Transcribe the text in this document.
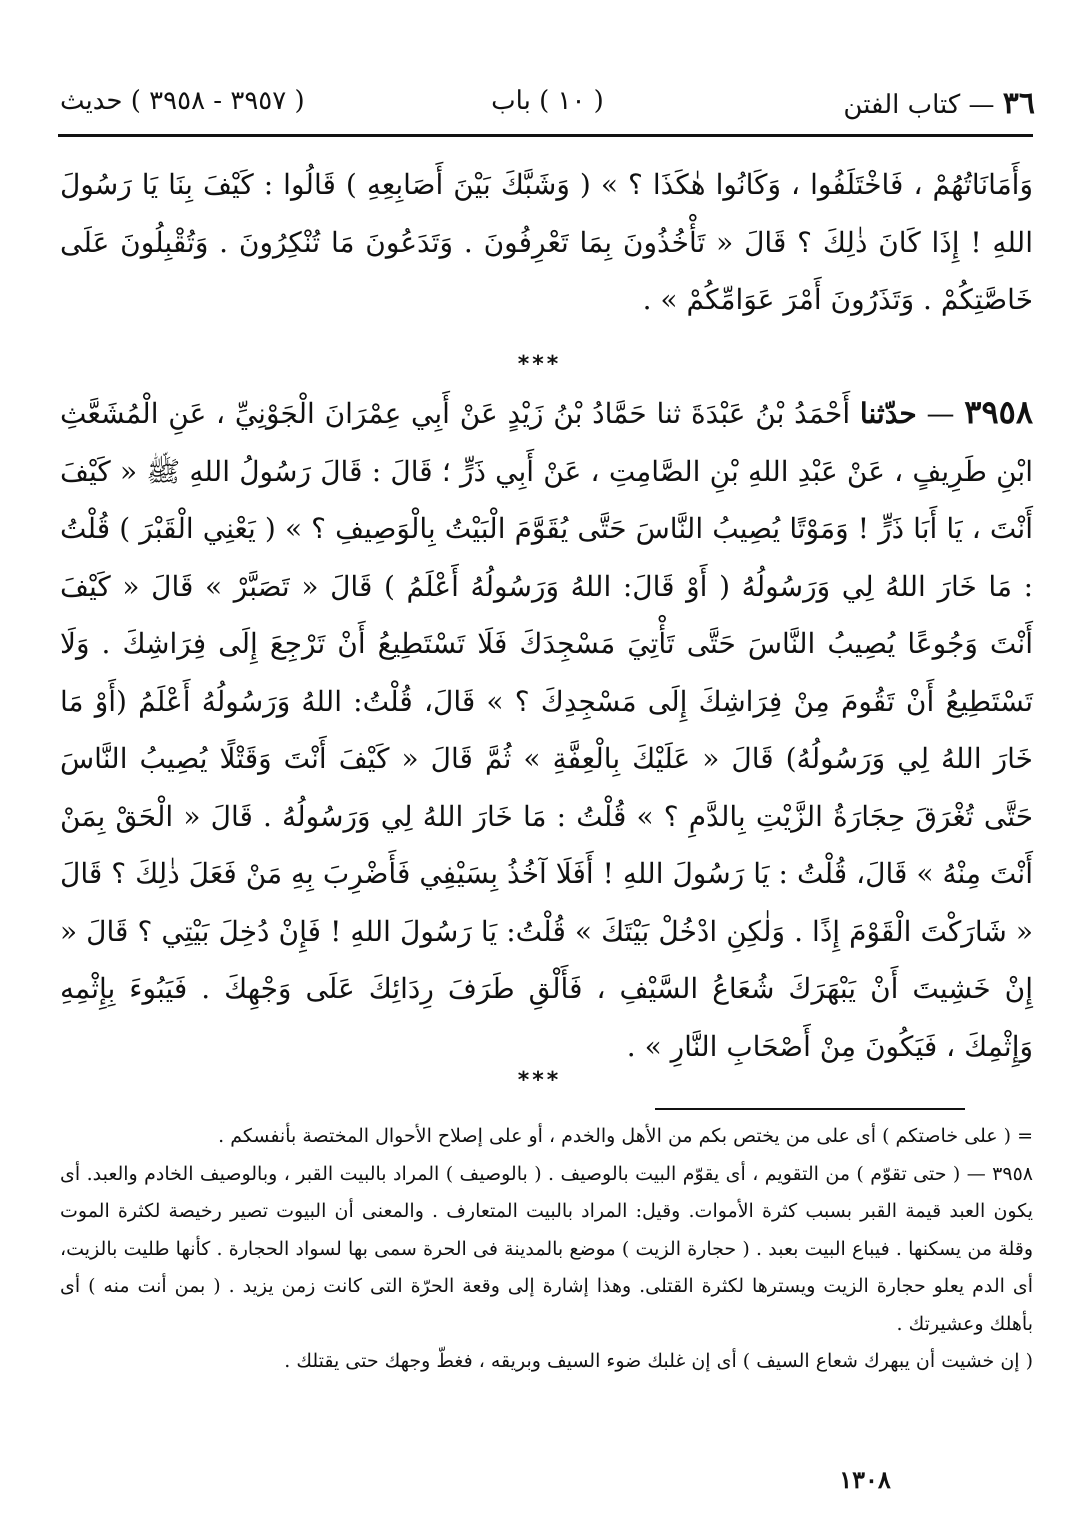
٣٦ — كتاب الفتن
( ١٠ ) باب
( ٣٩٥٧ - ٣٩٥٨ ) حديث
وَأَمَانَاتُهُمْ ، فَاخْتَلَفُوا ، وَكَانُوا هٰكَذَا ؟ » ( وَشَبَّكَ بَيْنَ أَصَابِعِهِ ) قَالُوا : كَيْفَ بِنَا يَا رَسُولَ اللهِ ! إِذَا كَانَ ذٰلِكَ ؟ قَالَ « تَأْخُذُونَ بِمَا تَعْرِفُونَ . وَتَدَعُونَ مَا تُنْكِرُونَ . وَتُقْبِلُونَ عَلَى خَاصَّتِكُمْ . وَتَذَرُونَ أَمْرَ عَوَامِّكُمْ » .
***
٣٩٥٨ — حدّثنا أَحْمَدُ بْنُ عَبْدَةَ ثنا حَمَّادُ بْنُ زَيْدٍ عَنْ أَبِي عِمْرَانَ الْجَوْنِيِّ ، عَنِ الْمُشَعَّثِ ابْنِ طَرِيفٍ ، عَنْ عَبْدِ اللهِ بْنِ الصَّامِتِ ، عَنْ أَبِي ذَرٍّ ؛ قَالَ : قَالَ رَسُولُ اللهِ ﷺ « كَيْفَ أَنْتَ ، يَا أَبَا ذَرٍّ ! وَمَوْتًا يُصِيبُ النَّاسَ حَتَّى يُقَوَّمَ الْبَيْتُ بِالْوَصِيفِ ؟ » ( يَعْنِي الْقَبْرَ ) قُلْتُ : مَا خَارَ اللهُ لِي وَرَسُولُهُ ( أَوْ قَالَ: اللهُ وَرَسُولُهُ أَعْلَمُ ) قَالَ « تَصَبَّرْ » قَالَ « كَيْفَ أَنْتَ وَجُوعًا يُصِيبُ النَّاسَ حَتَّى تَأْتِيَ مَسْجِدَكَ فَلَا تَسْتَطِيعُ أَنْ تَرْجِعَ إِلَى فِرَاشِكَ . وَلَا تَسْتَطِيعُ أَنْ تَقُومَ مِنْ فِرَاشِكَ إِلَى مَسْجِدِكَ ؟ » قَالَ، قُلْتُ: اللهُ وَرَسُولُهُ أَعْلَمُ (أَوْ مَا خَارَ اللهُ لِي وَرَسُولُهُ) قَالَ « عَلَيْكَ بِالْعِفَّةِ » ثُمَّ قَالَ « كَيْفَ أَنْتَ وَقَتْلًا يُصِيبُ النَّاسَ حَتَّى تُغْرَقَ حِجَارَةُ الزَّيْتِ بِالدَّمِ ؟ » قُلْتُ : مَا خَارَ اللهُ لِي وَرَسُولُهُ . قَالَ « الْحَقْ بِمَنْ أَنْتَ مِنْهُ » قَالَ، قُلْتُ : يَا رَسُولَ اللهِ ! أَفَلَا آخُذُ بِسَيْفِي فَأَضْرِبَ بِهِ مَنْ فَعَلَ ذٰلِكَ ؟ قَالَ « شَارَكْتَ الْقَوْمَ إِذًا . وَلٰكِنِ ادْخُلْ بَيْتَكَ » قُلْتُ: يَا رَسُولَ اللهِ ! فَإِنْ دُخِلَ بَيْتِي ؟ قَالَ « إِنْ خَشِيتَ أَنْ يَبْهَرَكَ شُعَاعُ السَّيْفِ ، فَأَلْقِ طَرَفَ رِدَائِكَ عَلَى وَجْهِكَ . فَيَبُوءَ بِإِثْمِهِ وَإِثْمِكَ ، فَيَكُونَ مِنْ أَصْحَابِ النَّارِ » .
***

= ( على خاصتكم ) أى على من يختص بكم من الأهل والخدم ، أو على إصلاح الأحوال المختصة بأنفسكم .

٣٩٥٨ — ( حتى تقوّم ) من التقويم ، أى يقوّم البيت بالوصيف . ( بالوصيف ) المراد بالبيت القبر ، وبالوصيف الخادم والعبد. أى يكون العبد قيمة القبر بسبب كثرة الأموات. وقيل: المراد بالبيت المتعارف . والمعنى أن البيوت تصير رخيصة لكثرة الموت وقلة من يسكنها . فيباع البيت بعبد . ( حجارة الزيت ) موضع بالمدينة فى الحرة سمى بها لسواد الحجارة . كأنها طليت بالزيت، أى الدم يعلو حجارة الزيت ويسترها لكثرة القتلى. وهذا إشارة إلى وقعة الحرّة التى كانت زمن يزيد . ( بمن أنت منه ) أى بأهلك وعشيرتك .

( إن خشيت أن يبهرك شعاع السيف ) أى إن غلبك ضوء السيف وبريقه ، فغطّ وجهك حتى يقتلك .

١٣٠٨
